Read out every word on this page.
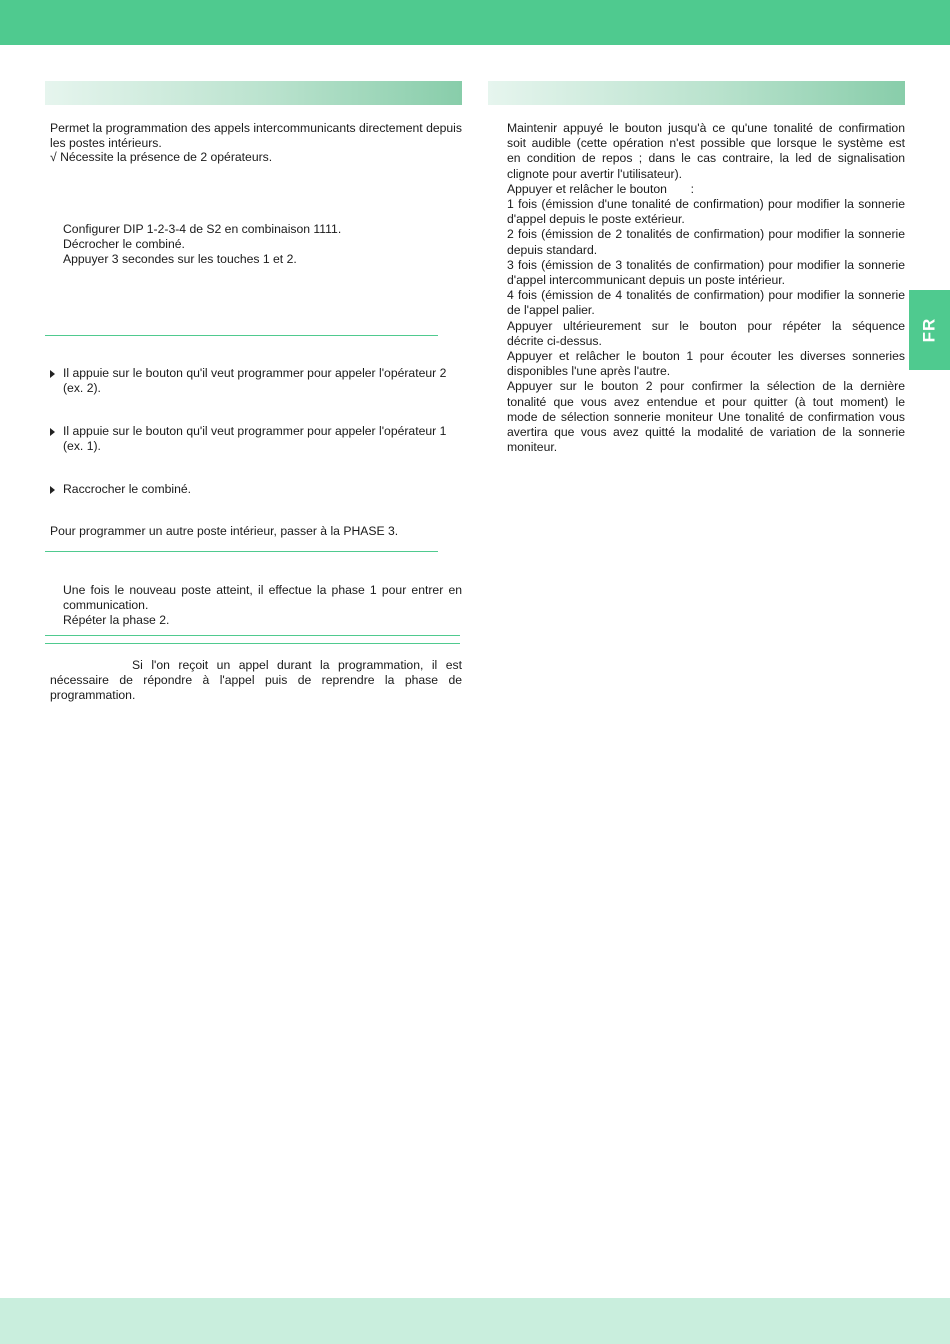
FR

Permet la programmation des appels intercommunicants directement depuis les postes intérieurs.

√ Nécessite la présence de 2 opérateurs.
Configurer DIP 1-2-3-4 de S2 en combinaison 1111.
Décrocher le combiné.
Appuyer 3 secondes sur les touches 1 et 2.
Il appuie sur le bouton qu'il veut programmer pour appeler l'opérateur 2 (ex. 2).
Il appuie sur le bouton qu'il veut programmer pour appeler l'opérateur 1 (ex. 1).
Raccrocher le combiné.

Pour programmer un autre poste intérieur, passer à la PHASE 3.

Une fois le nouveau poste atteint, il effectue la phase 1 pour entrer en communication.
Répéter la phase 2.

Si l'on reçoit un appel durant la programmation, il est nécessaire de répondre à l'appel puis de reprendre la phase de programmation.

Maintenir appuyé le bouton jusqu'à ce qu'une tonalité de confirmation
soit audible (cette opération n'est possible que lorsque le système est
en condition de repos ; dans le cas contraire, la led de signalisation
clignote pour avertir l'utilisateur).
Appuyer et relâcher le bouton       :
1 fois (émission d'une tonalité de confirmation) pour modifier la sonnerie
d'appel depuis le poste extérieur.
2 fois (émission de 2 tonalités de confirmation) pour modifier la sonnerie
depuis standard.
3 fois (émission de 3 tonalités de confirmation) pour modifier la sonnerie
d'appel intercommunicant depuis un poste intérieur.
4 fois (émission de 4 tonalités de confirmation) pour modifier la sonnerie
de l'appel palier.
Appuyer ultérieurement sur le bouton pour répéter la séquence
décrite ci-dessus.
Appuyer et relâcher le bouton 1 pour écouter les diverses sonneries
disponibles l'une après l'autre.
Appuyer sur le bouton 2 pour confirmer la sélection de la dernière
tonalité que vous avez entendue et pour quitter (à tout moment) le
mode de sélection sonnerie moniteur Une tonalité de confirmation vous
avertira que vous avez quitté la modalité de variation de la sonnerie
moniteur.
